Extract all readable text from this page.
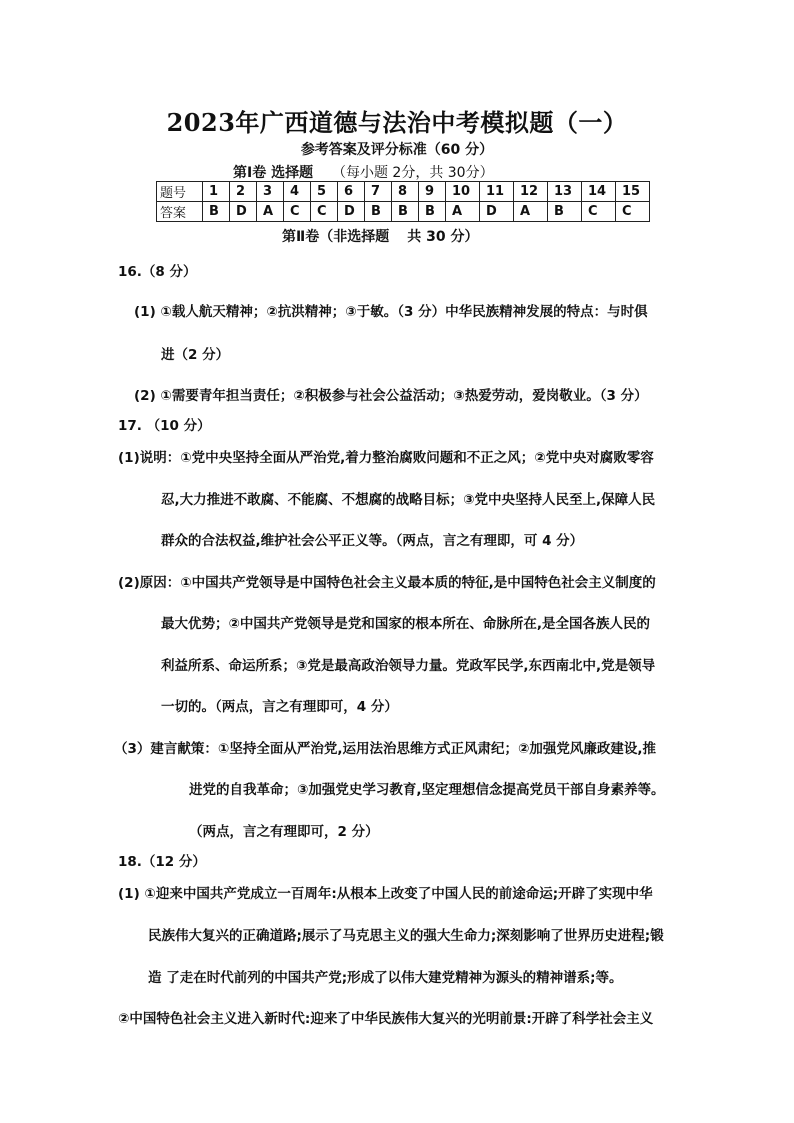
2023年广西道德与法治中考模拟题（一）
参考答案及评分标准（60 分）
第Ⅰ卷 选择题 （每小题 2分，共 30分）
题号	1	2	3	4	5	6	7	8	9	10	11	12	13	14	15
答案	B	D	A	C	C	D	B	B	B	A	D	A	B	C	C
第Ⅱ卷（非选择题 共 30 分）
16.（8 分）
(1) ①载人航天精神；②抗洪精神；③于敏。（3 分）中华民族精神发展的特点：与时俱
进（2 分）
(2) ①需要青年担当责任；②积极参与社会公益活动；③热爱劳动，爱岗敬业。（3 分）
17. （10 分）
(1)说明：①党中央坚持全面从严治党,着力整治腐败问题和不正之风；②党中央对腐败零容
忍,大力推进不敢腐、不能腐、不想腐的战略目标；③党中央坚持人民至上,保障人民
群众的合法权益,维护社会公平正义等。（两点，言之有理即，可 4 分）
(2)原因：①中国共产党领导是中国特色社会主义最本质的特征,是中国特色社会主义制度的
最大优势；②中国共产党领导是党和国家的根本所在、命脉所在,是全国各族人民的
利益所系、命运所系；③党是最高政治领导力量。党政军民学,东西南北中,党是领导
一切的。（两点，言之有理即可，4 分）
（3）建言献策：①坚持全面从严治党,运用法治思维方式正风肃纪；②加强党风廉政建设,推
进党的自我革命；③加强党史学习教育,坚定理想信念提高党员干部自身素养等。
（两点，言之有理即可，2 分）
18.（12 分）
(1) ①迎来中国共产党成立一百周年:从根本上改变了中国人民的前途命运;开辟了实现中华
民族伟大复兴的正确道路;展示了马克思主义的强大生命力;深刻影响了世界历史进程;锻
造 了走在时代前列的中国共产党;形成了以伟大建党精神为源头的精神谱系;等。
②中国特色社会主义进入新时代:迎来了中华民族伟大复兴的光明前景:开辟了科学社会主义
